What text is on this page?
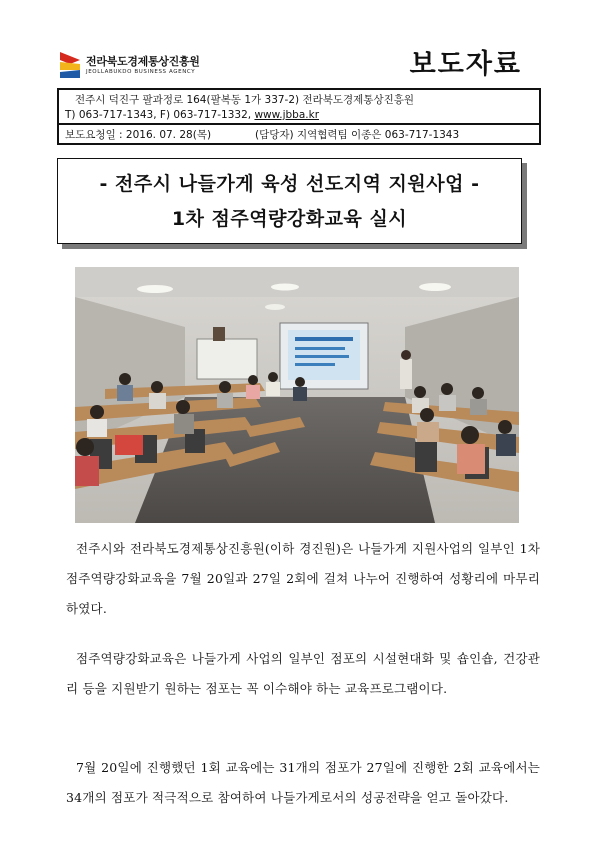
전라북도경제통상진흥원
JEOLLABUKDO BUSINESS AGENCY	보도자료
전주시 덕진구 팔과정로 164(팔복동 1가 337-2) 전라북도경제통상진흥원
T) 063-717-1343, F) 063-717-1332, www.jbba.kr
보도요청일 : 2016. 07. 28(목)	(담당자) 지역협력팀 이종은 063-717-1343
- 전주시 나들가게 육성 선도지역 지원사업 -
1차 점주역량강화교육 실시

전주시와 전라북도경제통상진흥원(이하 경진원)은 나들가게 지원사업의 일부인 1차 점주역량강화교육을 7월 20일과 27일 2회에 걸쳐 나누어 진행하여 성황리에 마무리하였다.

점주역량강화교육은 나들가게 사업의 일부인 점포의 시설현대화 및 숍인숍, 건강관리 등을 지원받기 원하는 점포는 꼭 이수해야 하는 교육프로그램이다.

7월 20일에 진행했던 1회 교육에는 31개의 점포가 27일에 진행한 2회 교육에서는 34개의 점포가 적극적으로 참여하여 나들가게로서의 성공전략을 얻고 돌아갔다.
